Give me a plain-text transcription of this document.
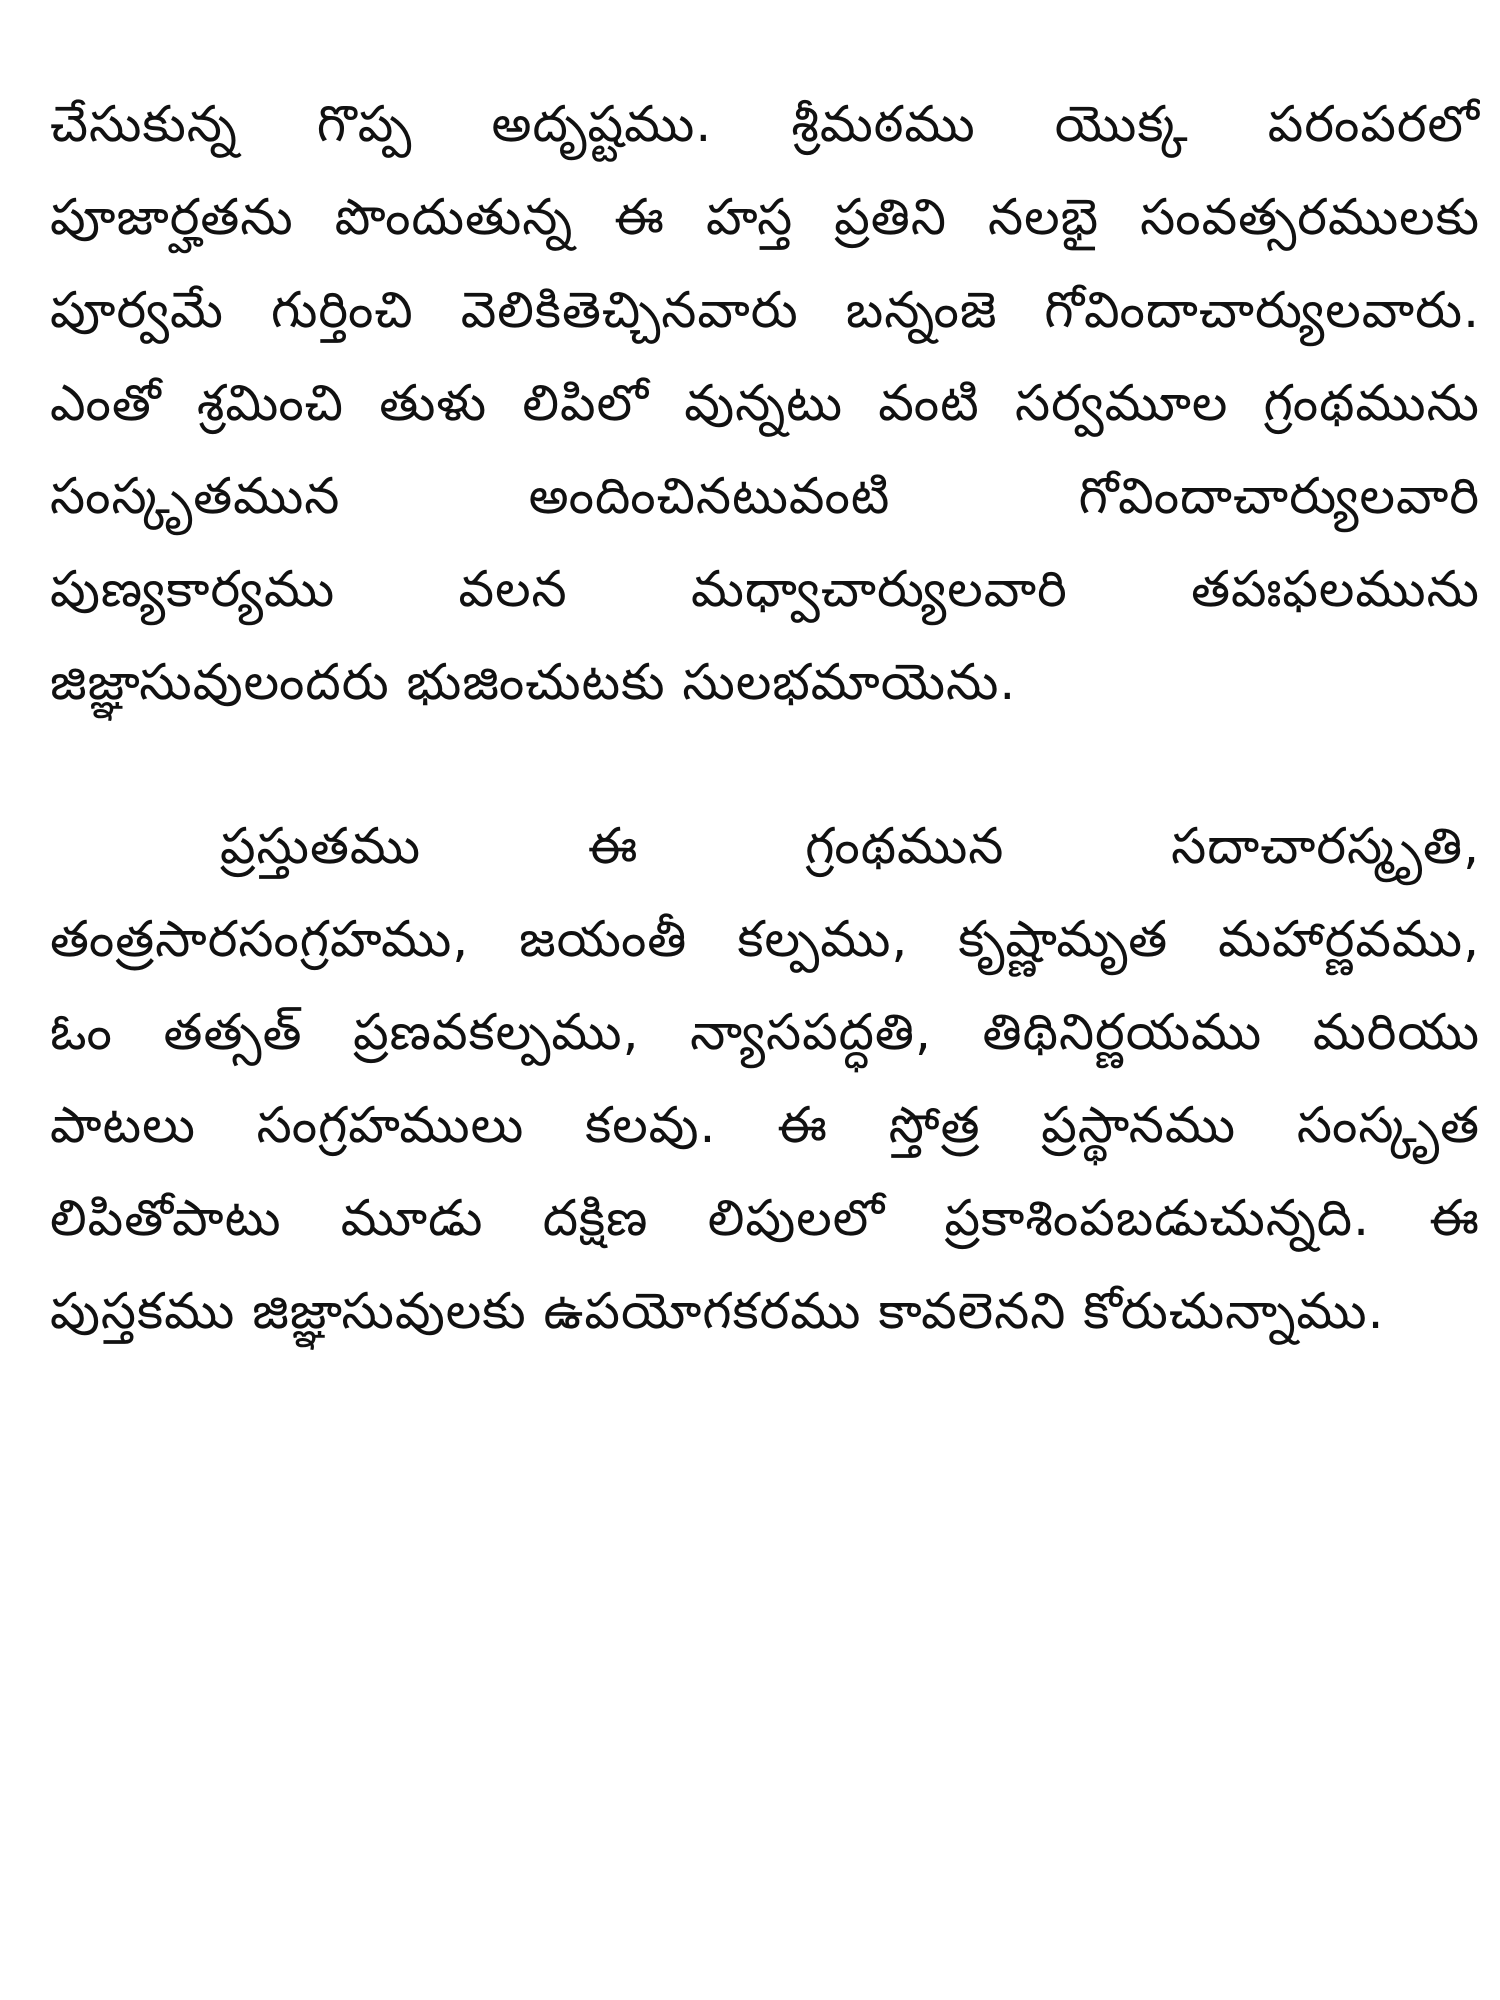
చేసుకున్న గొప్ప అదృష్టము. శ్రీమఠము యొక్క పరంపరలో
పూజార్హతను పొందుతున్న ఈ హస్త ప్రతిని నలభై సంవత్సరములకు
పూర్వమే గుర్తించి వెలికితెచ్చినవారు బన్నంజె గోవిందాచార్యులవారు.
ఎంతో శ్రమించి తుళు లిపిలో వున్నటు వంటి సర్వమూల గ్రంథమును
సంస్కృతమున అందించినటువంటి గోవిందాచార్యులవారి
పుణ్యకార్యము వలన మధ్వాచార్యులవారి తపఃఫలమును
జిజ్ఞాసువులందరు భుజించుటకు సులభమాయెను.
ప్రస్తుతము ఈ గ్రంథమున సదాచారస్మృతి,
తంత్రసారసంగ్రహము, జయంతీ కల్పము, కృష్ణామృత మహార్ణవము,
ఓం తత్సత్ ప్రణవకల్పము, న్యాసపద్ధతి, తిథినిర్ణయము మరియు
పాటలు సంగ్రహములు కలవు. ఈ స్తోత్ర ప్రస్థానము సంస్కృత
లిపితోపాటు మూడు దక్షిణ లిపులలో ప్రకాశింపబడుచున్నది. ఈ
పుస్తకము జిజ్ఞాసువులకు ఉపయోగకరము కావలెనని కోరుచున్నాము.
